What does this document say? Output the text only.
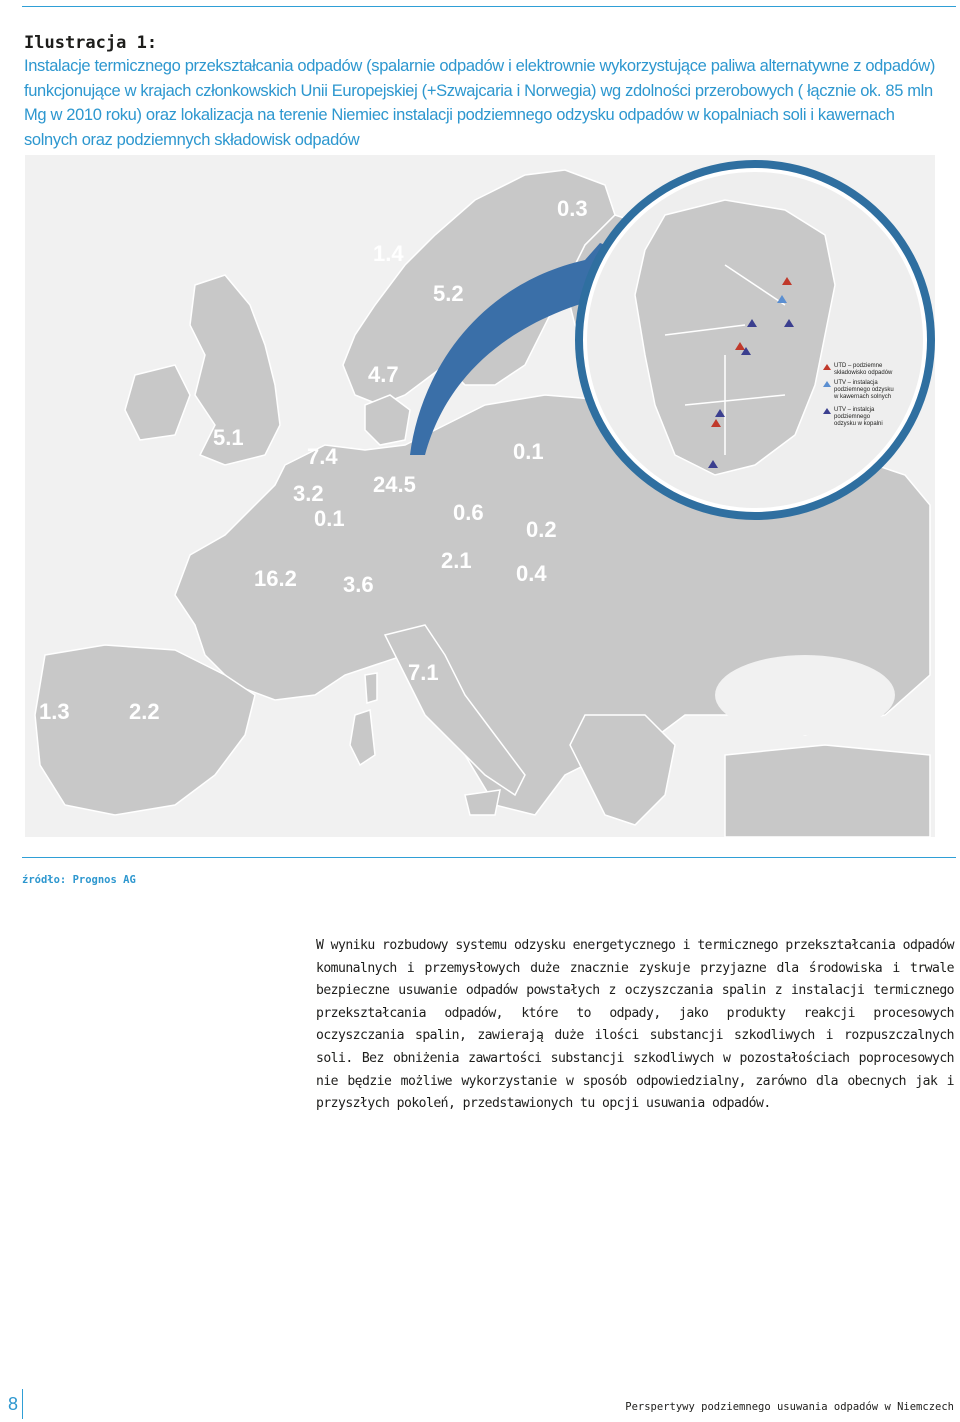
Ilustracja 1:
Instalacje termicznego przekształcania odpadów (spalarnie odpadów i elektrownie wykorzystujące paliwa alternatywne z odpadów) funkcjonujące w krajach członkowskich Unii Europejskiej (+Szwajcaria i Norwegia) wg zdolności przerobowych ( łącznie ok. 85 mln Mg w 2010 roku) oraz lokalizacja na terenie Niemiec instalacji podziemnego odzysku odpadów w kopalniach soli i kawernach solnych oraz podziemnych składowisk odpadów
UTD – podziemne
składowisko odpadów
UTV – instalacja
podziemnego odzysku
w kawernach solnych
UTV – instalcja
podziemnego
odzysku w kopalni
0.3
1.4
5.2
4.7
5.1
7.4
3.2
0.1
24.5
0.1
0.6
0.2
2.1
0.4
16.2 3.6
7.1
1.3	2.2
źródło: Prognos AG
W wyniku rozbudowy systemu odzysku energetycznego i termicznego przekształcania odpadów komunalnych i przemysłowych duże znacznie zyskuje przyjazne dla środowiska i trwale bezpieczne usuwanie odpadów powstałych z oczyszczania spalin z instalacji termicznego przekształcania odpadów, które to odpady, jako produkty reakcji procesowych oczyszczania spalin, zawierają duże ilości substancji szkodliwych i rozpuszczalnych soli. Bez obniżenia zawartości substancji szkodliwych w pozostałościach poprocesowych nie będzie możliwe wykorzystanie w sposób odpowiedzialny, zarówno dla obecnych jak i przyszłych pokoleń, przedstawionych tu opcji usuwania odpadów.
8	Perspertywy podziemnego usuwania odpadów w Niemczech
